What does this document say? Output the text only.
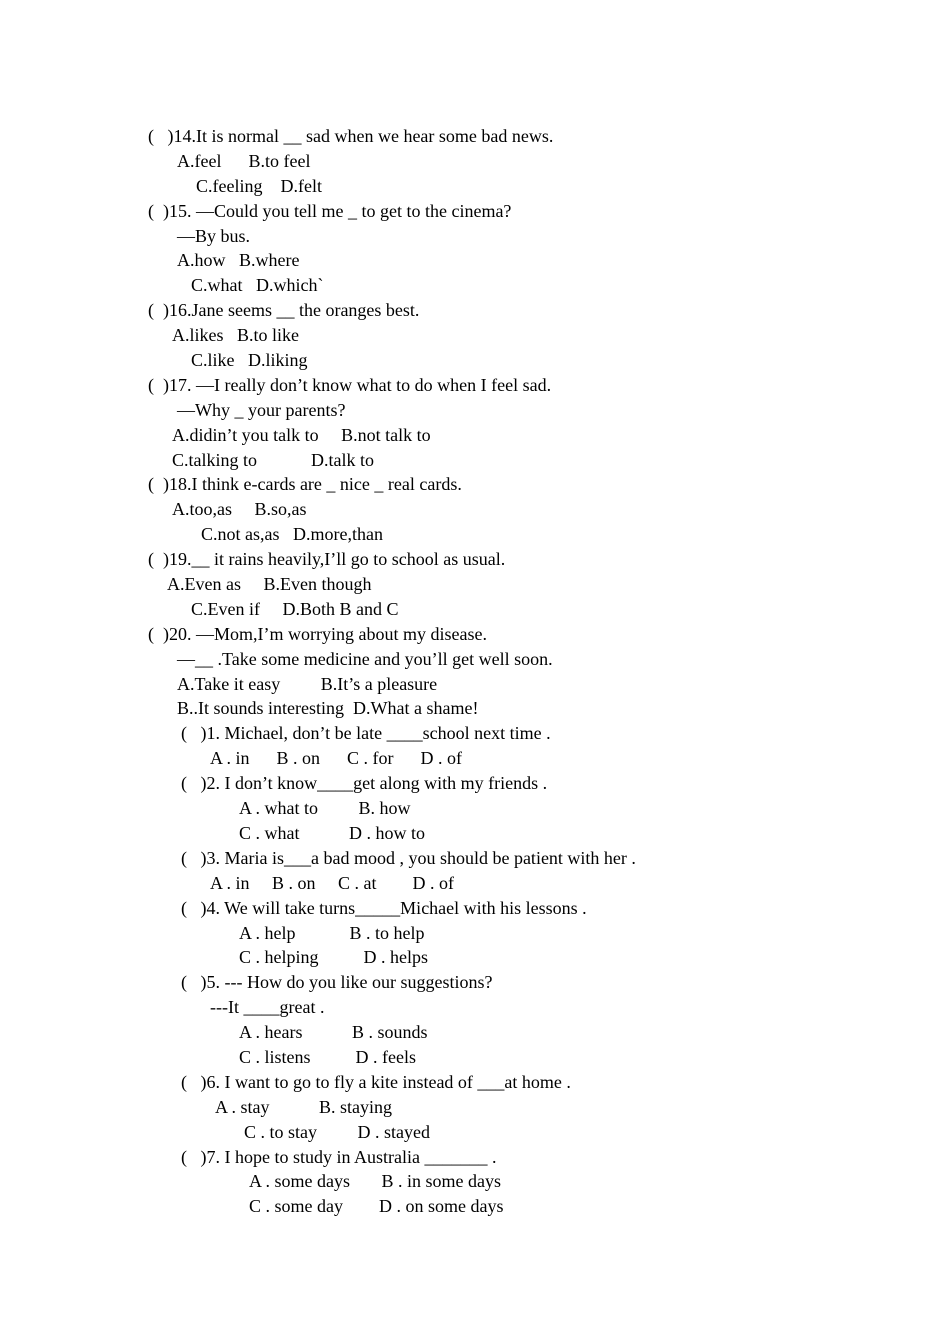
(   )14.It is normal __ sad when we hear some bad news.
A.feel      B.to feel
C.feeling    D.felt
(  )15. —Could you tell me _ to get to the cinema?
—By bus.
A.how   B.where
C.what   D.which`
(  )16.Jane seems __ the oranges best.
A.likes   B.to like
C.like   D.liking
(  )17. —I really don’t know what to do when I feel sad.
—Why _ your parents?
A.didin’t you talk to     B.not talk to
C.talking to            D.talk to
(  )18.I think e-cards are _ nice _ real cards.
A.too,as     B.so,as
C.not as,as   D.more,than
(  )19.__ it rains heavily,I’ll go to school as usual.
A.Even as     B.Even though
C.Even if     D.Both B and C
(  )20. —Mom,I’m worrying about my disease.
—__ .Take some medicine and you’ll get well soon.
A.Take it easy         B.It’s a pleasure
B..It sounds interesting  D.What a shame!
(   )1. Michael, don’t be late ____school next time .
A . in      B . on      C . for      D . of
(   )2. I don’t know____get along with my friends .
A . what to         B. how
C . what           D . how to
(   )3. Maria is___a bad mood , you should be patient with her .
A . in     B . on     C . at        D . of
(   )4. We will take turns_____Michael with his lessons .
A . help            B . to help
C . helping          D . helps
(   )5. --- How do you like our suggestions?
---It ____great .
A . hears           B . sounds
C . listens          D . feels
(   )6. I want to go to fly a kite instead of ___at home .
A . stay           B. staying
C . to stay         D . stayed
(   )7. I hope to study in Australia _______ .
A . some days       B . in some days
C . some day        D . on some days
